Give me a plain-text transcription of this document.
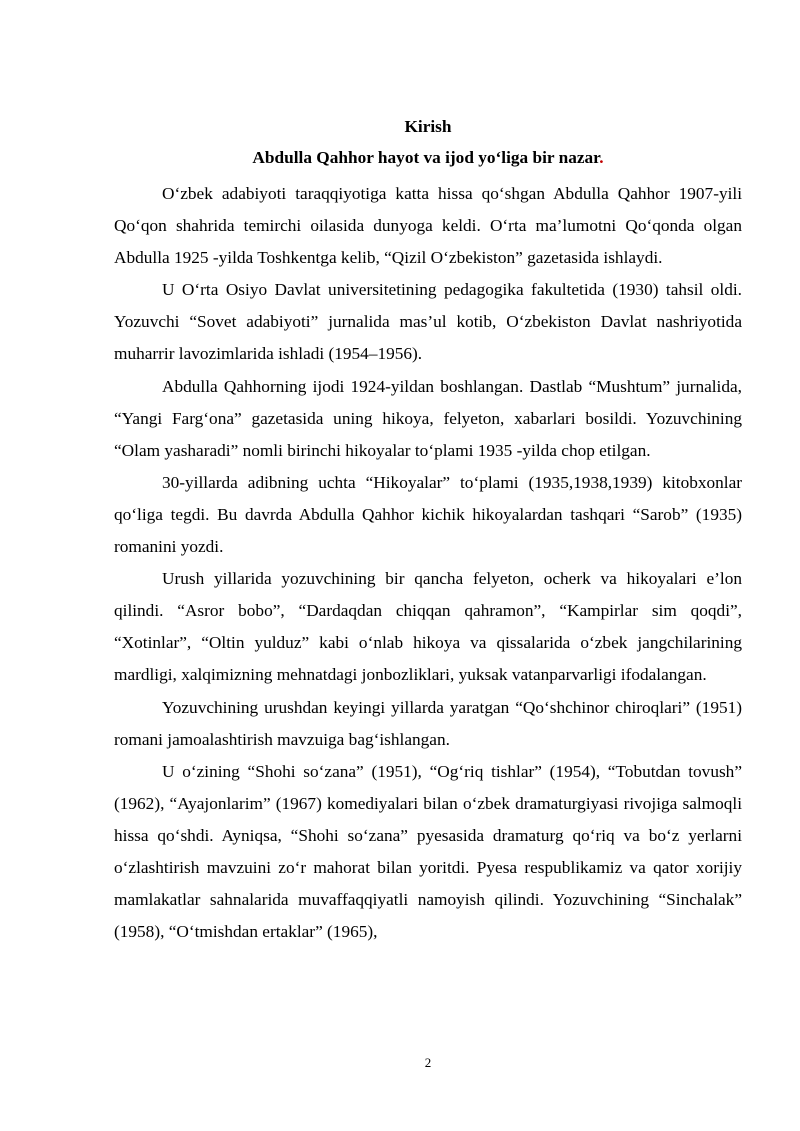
Kirish
Abdulla Qahhor hayot va ijod yo‘liga bir nazar.

O‘zbek adabiyoti taraqqiyotiga katta hissa qo‘shgan Abdulla Qahhor 1907-yili Qo‘qon shahrida temirchi oilasida dunyoga keldi. O‘rta ma’lumotni Qo‘qonda olgan Abdulla 1925 -yilda Toshkentga kelib, “Qizil O‘zbekiston” gazetasida ishlaydi.

U O‘rta Osiyo Davlat universitetining pedagogika fakultetida (1930) tahsil oldi. Yozuvchi “Sovet adabiyoti” jurnalida mas’ul kotib, O‘zbekiston Davlat nashriyotida muharrir lavozimlarida ishladi (1954–1956).

Abdulla Qahhorning ijodi 1924-yildan boshlangan. Dastlab “Mushtum” jurnalida, “Yangi Farg‘ona” gazetasida uning hikoya, felyeton, xabarlari bosildi. Yozuvchining “Olam yasharadi” nomli birinchi hikoyalar to‘plami 1935 -yilda chop etilgan.

30-yillarda adibning uchta “Hikoyalar” to‘plami (1935,1938,1939) kitobxonlar qo‘liga tegdi. Bu davrda Abdulla Qahhor kichik hikoyalardan tashqari “Sarob” (1935) romanini yozdi.

Urush yillarida yozuvchining bir qancha felyeton, ocherk va hikoyalari e’lon qilindi. “Asror bobo”, “Dardaqdan chiqqan qahramon”, “Kampirlar sim qoqdi”, “Xotinlar”, “Oltin yulduz” kabi o‘nlab hikoya va qissalarida o‘zbek jangchilarining mardligi, xalqimizning mehnatdagi jonbozliklari, yuksak vatanparvarligi ifodalangan.

Yozuvchining urushdan keyingi yillarda yaratgan “Qo‘shchinor chiroqlari” (1951) romani jamoalashtirish mavzuiga bag‘ishlangan.

U o‘zining “Shohi so‘zana” (1951), “Og‘riq tishlar” (1954), “Tobutdan tovush” (1962), “Ayajonlarim” (1967) komediyalari bilan o‘zbek dramaturgiyasi rivojiga salmoqli hissa qo‘shdi. Ayniqsa, “Shohi so‘zana” pyesasida dramaturg qo‘riq va bo‘z yerlarni o‘zlashtirish mavzuini zo‘r mahorat bilan yoritdi. Pyesa respublikamiz va qator xorijiy mamlakatlar sahnalarida muvaffaqqiyatli namoyish qilindi. Yozuvchining “Sinchalak” (1958), “O‘tmishdan ertaklar” (1965),

2
